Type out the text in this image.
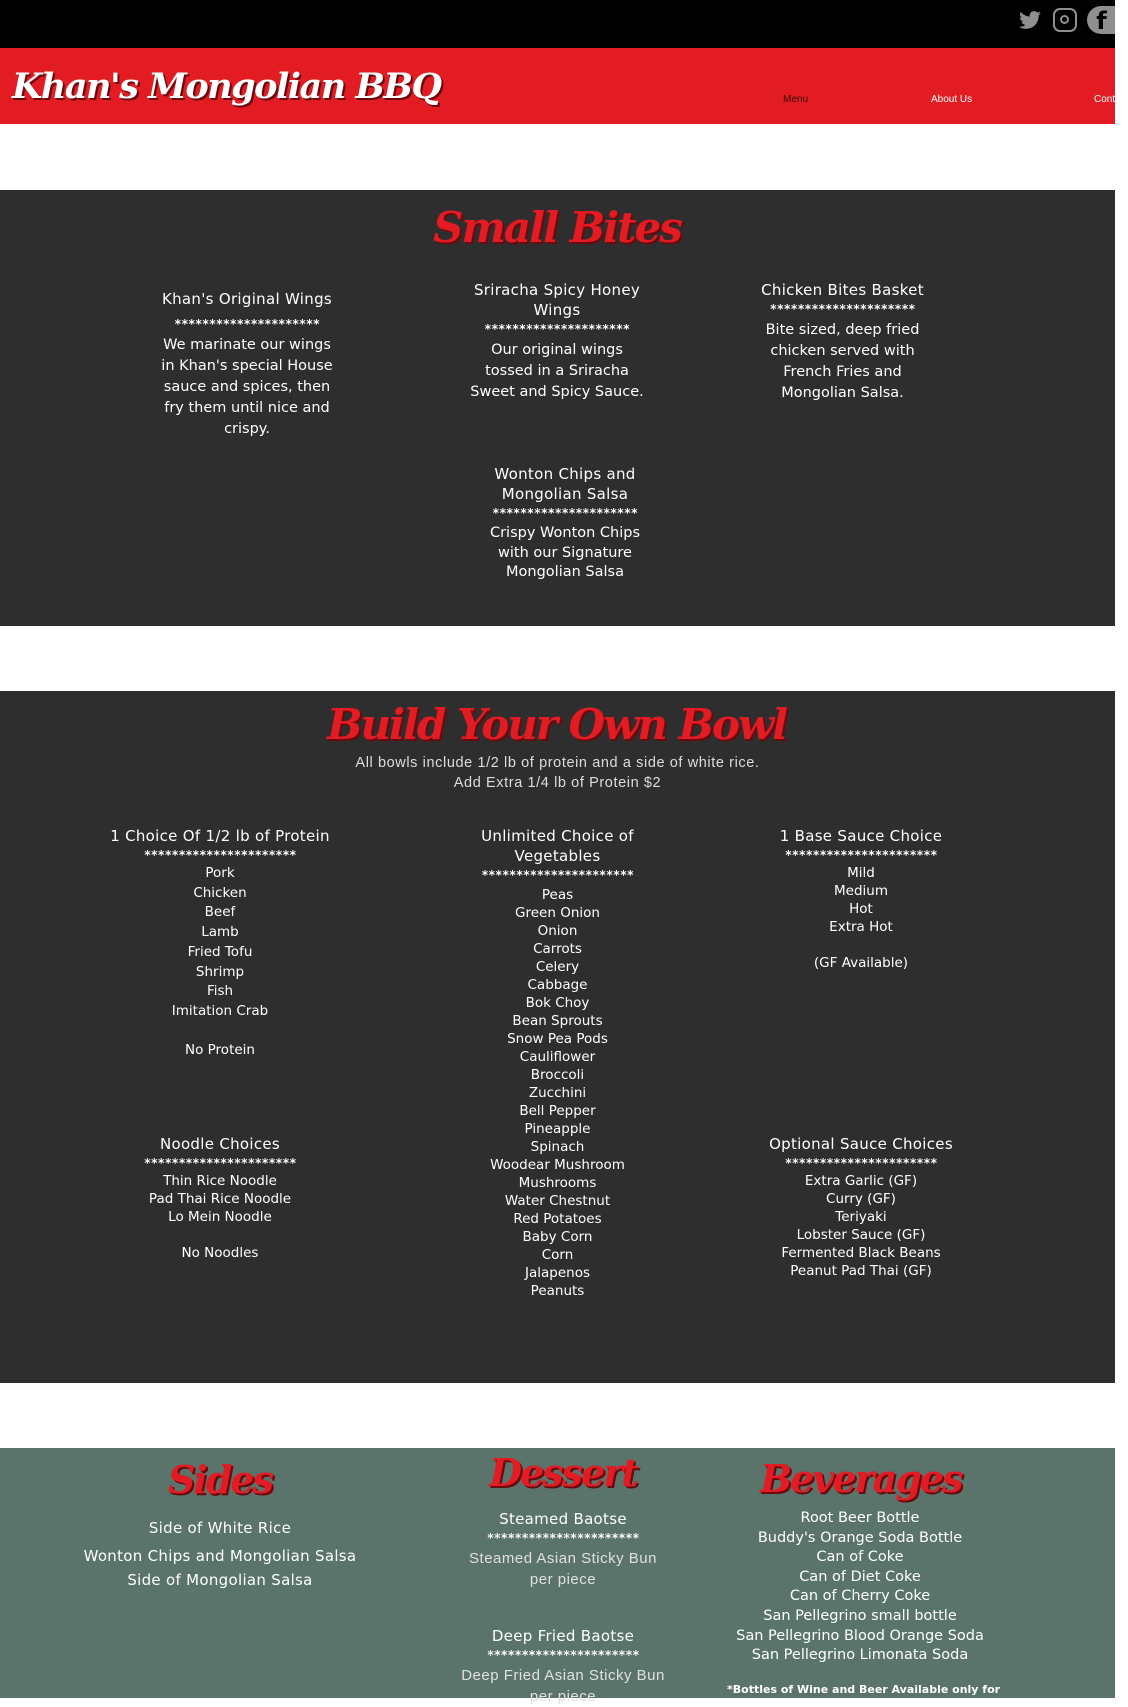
f
Khan's Mongolian BBQ	Menu	About Us	Contact
Small Bites
Khan's Original Wings
*********************
We marinate our wings in Khan's special House sauce and spices, then fry them until nice and crispy.
Sriracha Spicy Honey Wings
*********************
Our original wings tossed in a Sriracha Sweet and Spicy Sauce.
Chicken Bites Basket
*********************
Bite sized, deep fried chicken served with French Fries and Mongolian Salsa.
Wonton Chips and Mongolian Salsa
*********************
Crispy Wonton Chips with our Signature Mongolian Salsa
Build Your Own Bowl
All bowls include 1/2 lb of protein and a side of white rice.
Add Extra 1/4 lb of Protein $2
1 Choice Of 1/2 lb of Protein
**********************
Pork
Chicken
Beef
Lamb
Fried Tofu
Shrimp
Fish
Imitation Crab
No Protein
Unlimited Choice of Vegetables
**********************
Peas
Green Onion
Onion
Carrots
Celery
Cabbage
Bok Choy
Bean Sprouts
Snow Pea Pods
Cauliflower
Broccoli
Zucchini
Bell Pepper
Pineapple
Spinach
Woodear Mushroom
Mushrooms
Water Chestnut
Red Potatoes
Baby Corn
Corn
Jalapenos
Peanuts
1 Base Sauce Choice
**********************
Mild
Medium
Hot
Extra Hot
(GF Available)
Noodle Choices
**********************
Thin Rice Noodle
Pad Thai Rice Noodle
Lo Mein Noodle
No Noodles
Optional Sauce Choices
**********************
Extra Garlic (GF)
Curry (GF)
Teriyaki
Lobster Sauce (GF)
Fermented Black Beans
Peanut Pad Thai (GF)
Sides
Side of White Rice
Wonton Chips and Mongolian Salsa
Side of Mongolian Salsa
Dessert
Steamed Baotse
**********************
Steamed Asian Sticky Bun
per piece
Deep Fried Baotse
**********************
Deep Fried Asian Sticky Bun
per piece
Beverages
Root Beer Bottle
Buddy's Orange Soda Bottle
Can of Coke
Can of Diet Coke
Can of Cherry Coke
San Pellegrino small bottle
San Pellegrino Blood Orange Soda
San Pellegrino Limonata Soda
*Bottles of Wine and Beer Available only for
